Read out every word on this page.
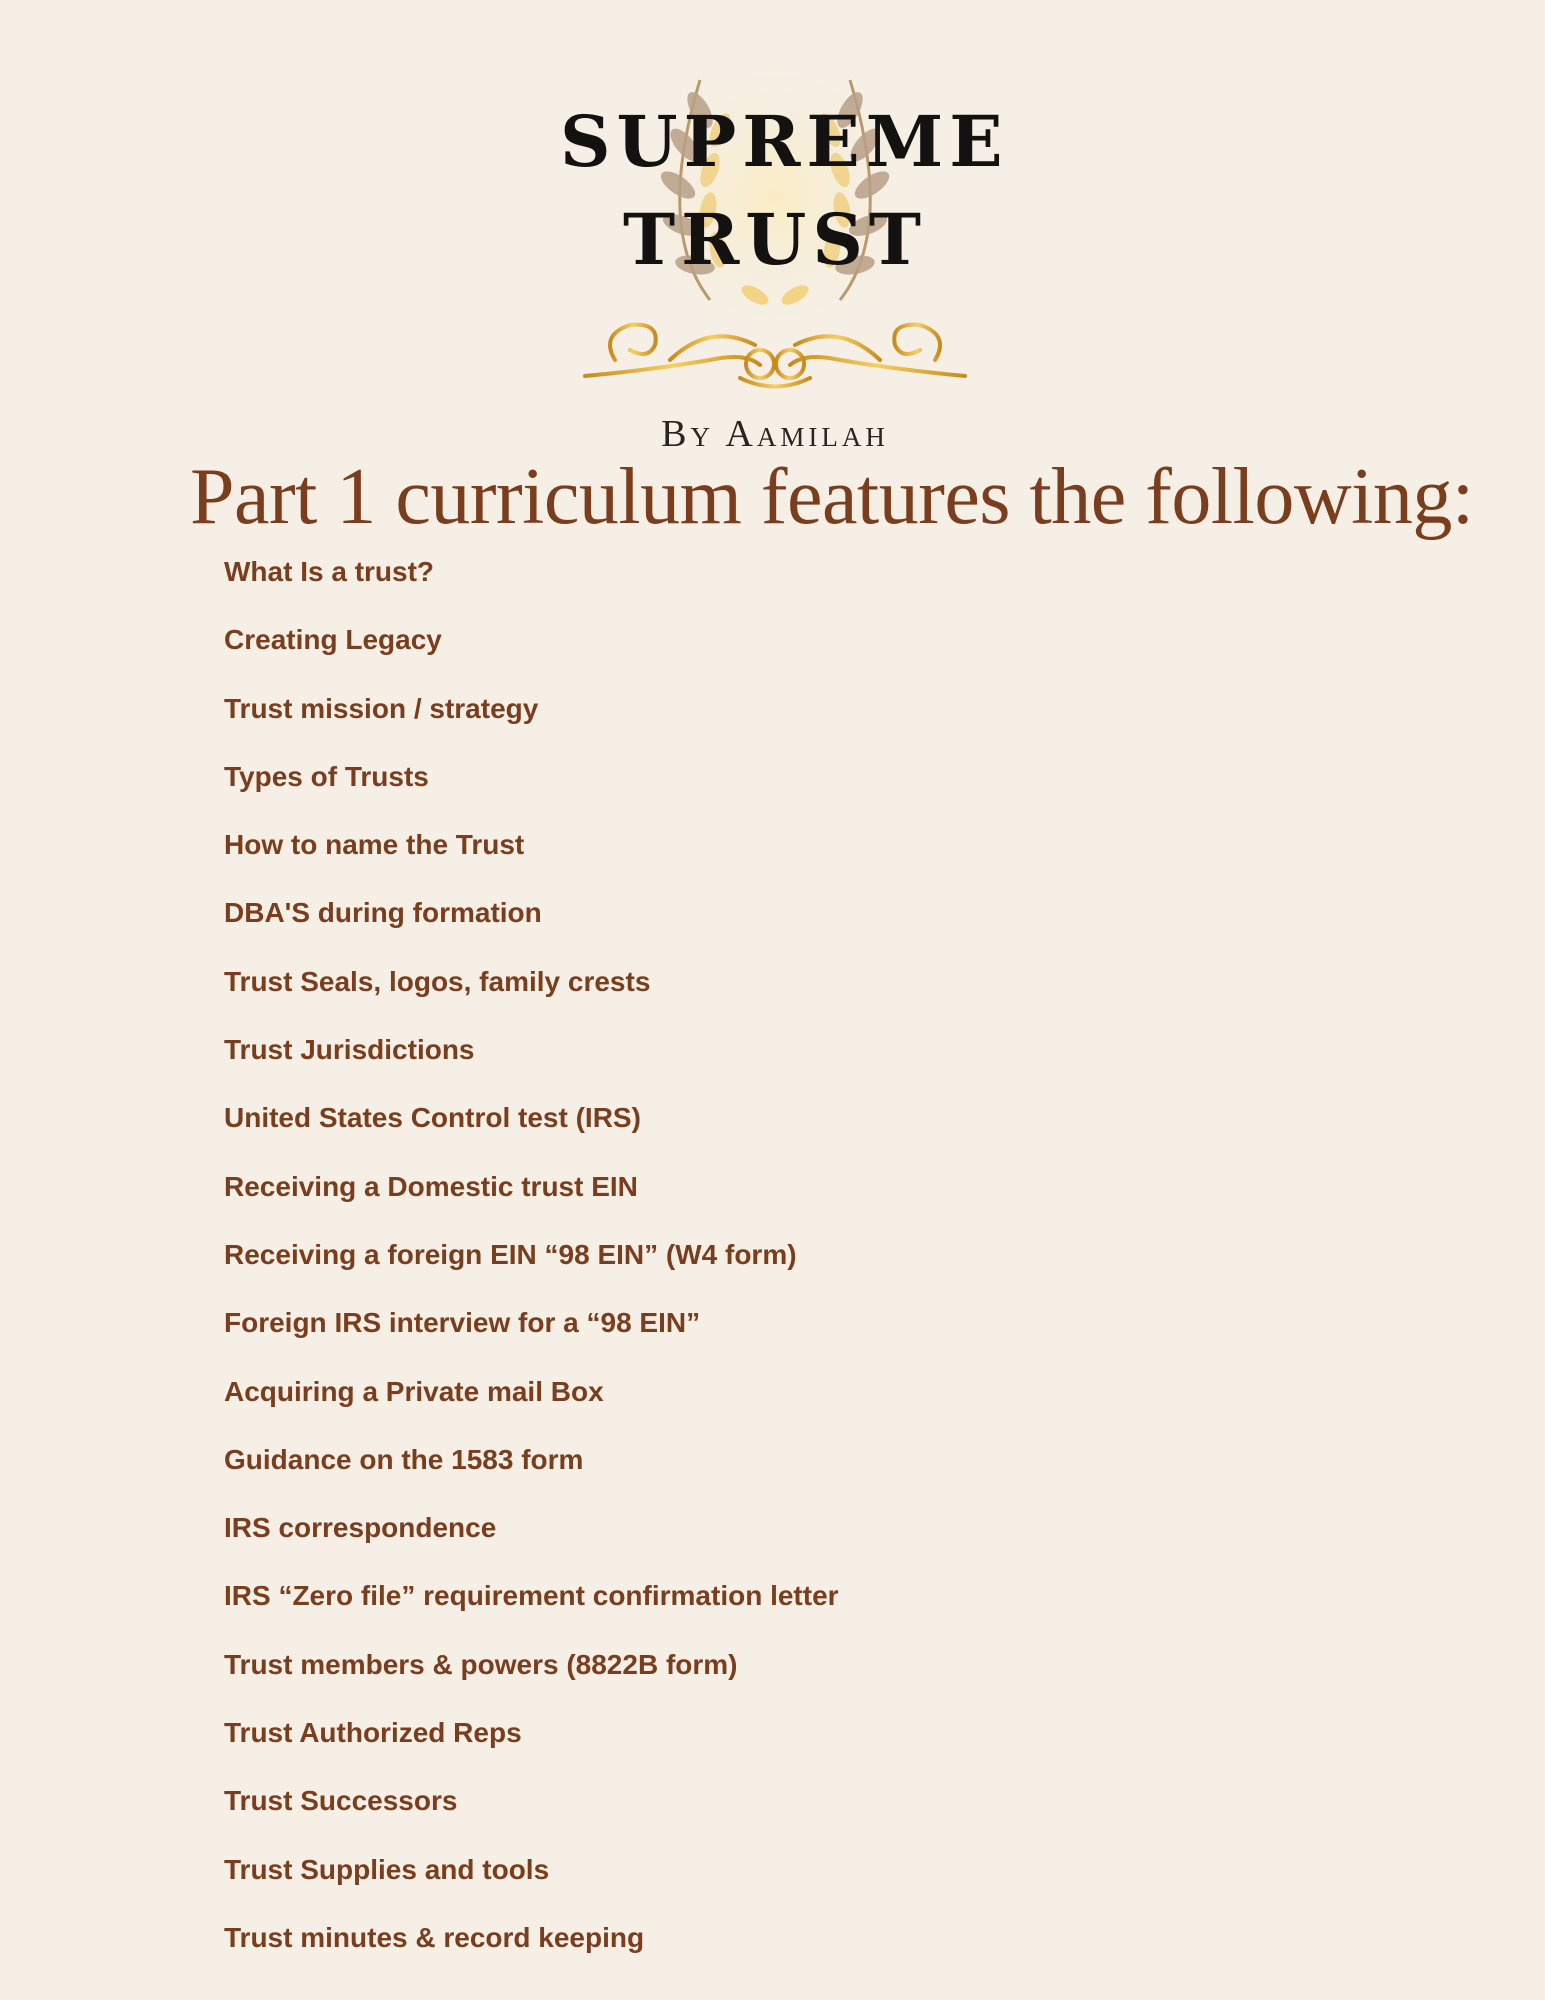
SUPREME
TRUST
By Aamilah
Part 1 curriculum features the following:
What Is a trust?
Creating Legacy
Trust mission / strategy
Types of Trusts
How to name the Trust
DBA'S during formation
Trust Seals, logos, family crests
Trust Jurisdictions
United States Control test (IRS)
Receiving a Domestic trust EIN
Receiving a foreign EIN “98 EIN” (W4 form)
Foreign IRS interview for a “98 EIN”
Acquiring a Private mail Box
Guidance on the 1583 form
IRS correspondence
IRS “Zero file” requirement confirmation letter
Trust members & powers (8822B form)
Trust Authorized Reps
Trust Successors
Trust Supplies and tools
Trust minutes & record keeping
